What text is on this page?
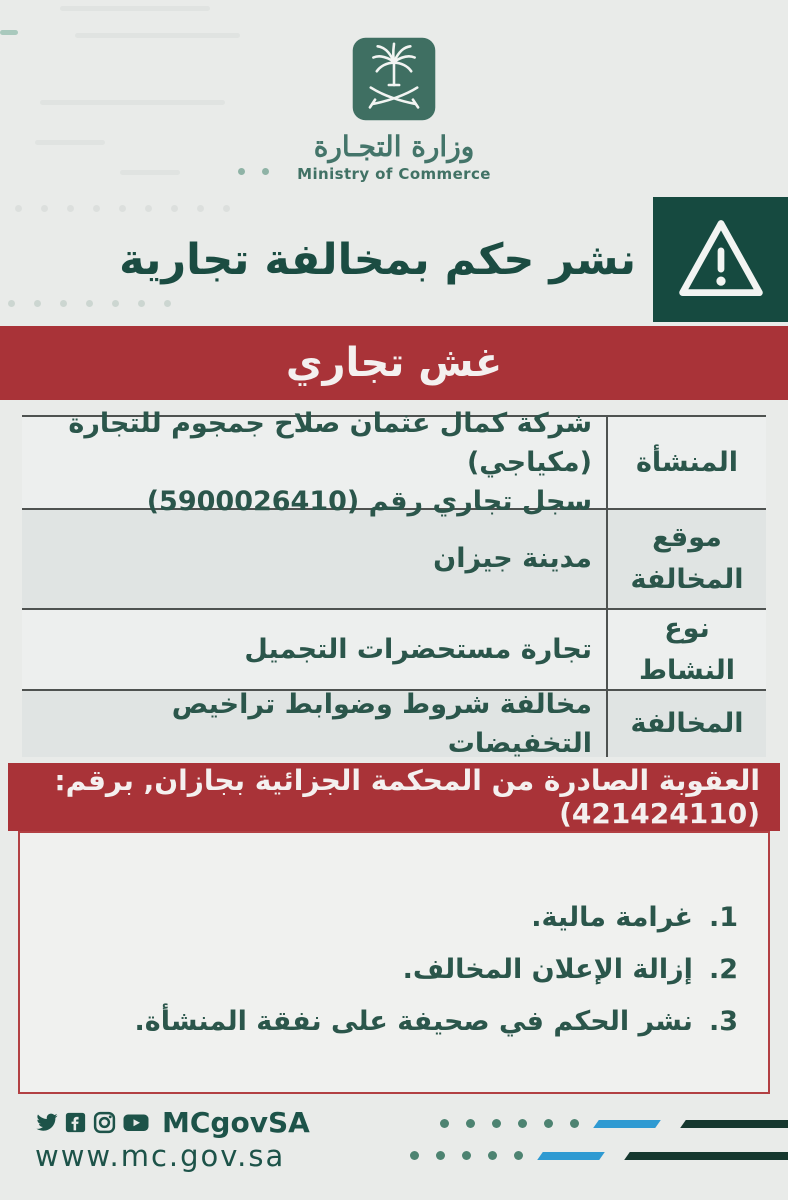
وزارة التجـارة
Ministry of Commerce
نشر حكم بمخالفة تجارية
غش تجاري
المنشأة
شركة كمال عثمان صلاح جمجوم للتجارة (مكياجي)
سجل تجاري رقم (5900026410)
موقع المخالفة
مدينة جيزان
نوع النشاط
تجارة مستحضرات التجميل
المخالفة
مخالفة شروط وضوابط تراخيص التخفيضات
العقوبة الصادرة من المحكمة الجزائية بجازان, برقم: (421424110)
1.
غرامة مالية.
2.
إزالة الإعلان المخالف.
3.
نشر الحكم في صحيفة على نفقة المنشأة.
MCgovSA
www.mc.gov.sa
